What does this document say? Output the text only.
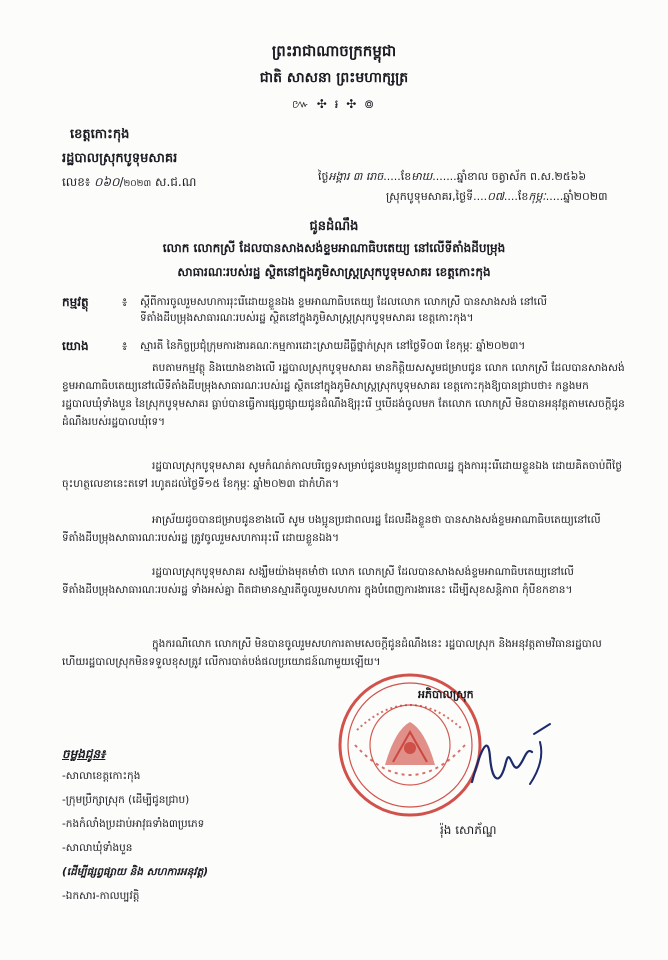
ព្រះរាជាណាចក្រកម្ពុជា
ជាតិ សាសនា ព្រះមហាក្សត្រ
៚ ✣ ៛ ✣ ៙
ខេត្តកោះកុង
រដ្ឋបាលស្រុកបូទុមសាគរ
លេខ៖ ០៦០/២០២៣ ស.ជ.ណ	ថ្ងៃអង្គារ ៣ រោច.....ខែមាឃ.......ឆ្នាំខាល ចត្វាស័ក ព.ស.២៥៦៦
ស្រុកបូទុមសាគរ,ថ្ងៃទី....០៧....ខែកុម្ភៈ.....ឆ្នាំ២០២៣
ជូនដំណឹង
លោក លោកស្រី ដែលបានសាងសង់ខ្ទមអាណាធិបតេយ្យ នៅលើទីតាំងដីបម្រុង
សាធារណៈរបស់រដ្ឋ ស្ថិតនៅក្នុងភូមិសាស្ត្រស្រុកបូទុមសាគរ ខេត្តកោះកុង
កម្មវត្ថុ	៖ ស្តីពីការចូលរួមសហការរុះរើដោយខ្លួនឯង ខ្ទមអាណាធិបតេយ្យ ដែលលោក លោកស្រី បានសាងសង់ នៅលើទីតាំងដីបម្រុងសាធារណៈរបស់រដ្ឋ ស្ថិតនៅក្នុងភូមិសាស្ត្រស្រុកបូទុមសាគរ ខេត្តកោះកុង។
យោង	៖ ស្មារតី នៃកិច្ចប្រជុំក្រុមការងារគណៈកម្មការដោះស្រាយដីធ្លីថ្នាក់ស្រុក នៅថ្ងៃទី០៣ ខែកុម្ភៈ ឆ្នាំ២០២៣។
តបតាមកម្មវត្ថុ និងយោងខាងលើ រដ្ឋបាលស្រុកបូទុមសាគរ មានកិត្តិយសសូមជម្រាបជូន លោក លោកស្រី ដែលបានសាងសង់ខ្ទមអាណាធិបតេយ្យនៅលើទីតាំងដីបម្រុងសាធារណៈរបស់រដ្ឋ ស្ថិតនៅក្នុងភូមិសាស្ត្រស្រុកបូទុមសាគរ ខេត្តកោះកុងឱ្យបានជ្រាបថា៖ កន្លងមករដ្ឋបាលឃុំទាំងបួន នៃស្រុកបូទុមសាគរ ធ្លាប់បានធ្វើការផ្សព្វផ្សាយជូនដំណឹងឱ្យរុះរើ ឬបើដង់ចូលមក តែលោក លោកស្រី មិនបានអនុវត្តតាមសេចក្តីជូនដំណឹងរបស់រដ្ឋបាលឃុំទេ។
រដ្ឋបាលស្រុកបូទុមសាគរ សូមកំណត់កាលបរិច្ឆេទសម្រាប់ជូនបងប្អូនប្រជាពលរដ្ឋ ក្នុងការរុះរើដោយខ្លួនឯង ដោយគិតចាប់ពីថ្ងៃចុះហត្ថលេខានេះតទៅ រហូតដល់ថ្ងៃទី១៥ ខែកុម្ភៈ ឆ្នាំ២០២៣ ជាកំហិត។
អាស្រ័យដូចបានជម្រាបជូនខាងលើ សូម បងប្អូនប្រជាពលរដ្ឋ ដែលដឹងខ្លួនថា បានសាងសង់ខ្ទមអាណាធិបតេយ្យនៅលើទីតាំងដីបម្រុងសាធារណៈរបស់រដ្ឋ ត្រូវចូលរួមសហការរុះរើ ដោយខ្លួនឯង។
រដ្ឋបាលស្រុកបូទុមសាគរ សង្ឃឹមយ៉ាងមុតមាំថា លោក លោកស្រី ដែលបានសាងសង់ខ្ទមអាណាធិបតេយ្យនៅលើទីតាំងដីបម្រុងសាធារណៈរបស់រដ្ឋ ទាំងអស់គ្នា ពិតជាមានស្មារតីចូលរួមសហការ ក្នុងបំពេញការងារនេះ ដើម្បីសុខសន្តិភាព កុំបីខកខាន។
ក្នុងករណីលោក លោកស្រី មិនបានចូលរួមសហការតាមសេចក្តីជូនដំណឹងនេះ រដ្ឋបាលស្រុក និងអនុវត្តតាមវិធានរដ្ឋបាល ហើយរដ្ឋបាលស្រុកមិនទទួលខុសត្រូវ លើការបាត់បង់ផលប្រយោជន៍ណាមួយឡើយ។
ចម្លងជូន៖
-សាលាខេត្តកោះកុង
-ក្រុមប្រឹក្សាស្រុក (ដើម្បីជូនជ្រាប)
-កងកំលាំងប្រដាប់អាវុធទាំង៣ប្រភេទ
-សាលាឃុំទាំងបួន
(ដើម្បីផ្សព្វផ្សាយ និង សហការអនុវត្ត)
-ឯកសារ-កាលប្បវត្តិ
អភិបាលស្រុក
រ៉ុង សោភ័ណ្ឌ
